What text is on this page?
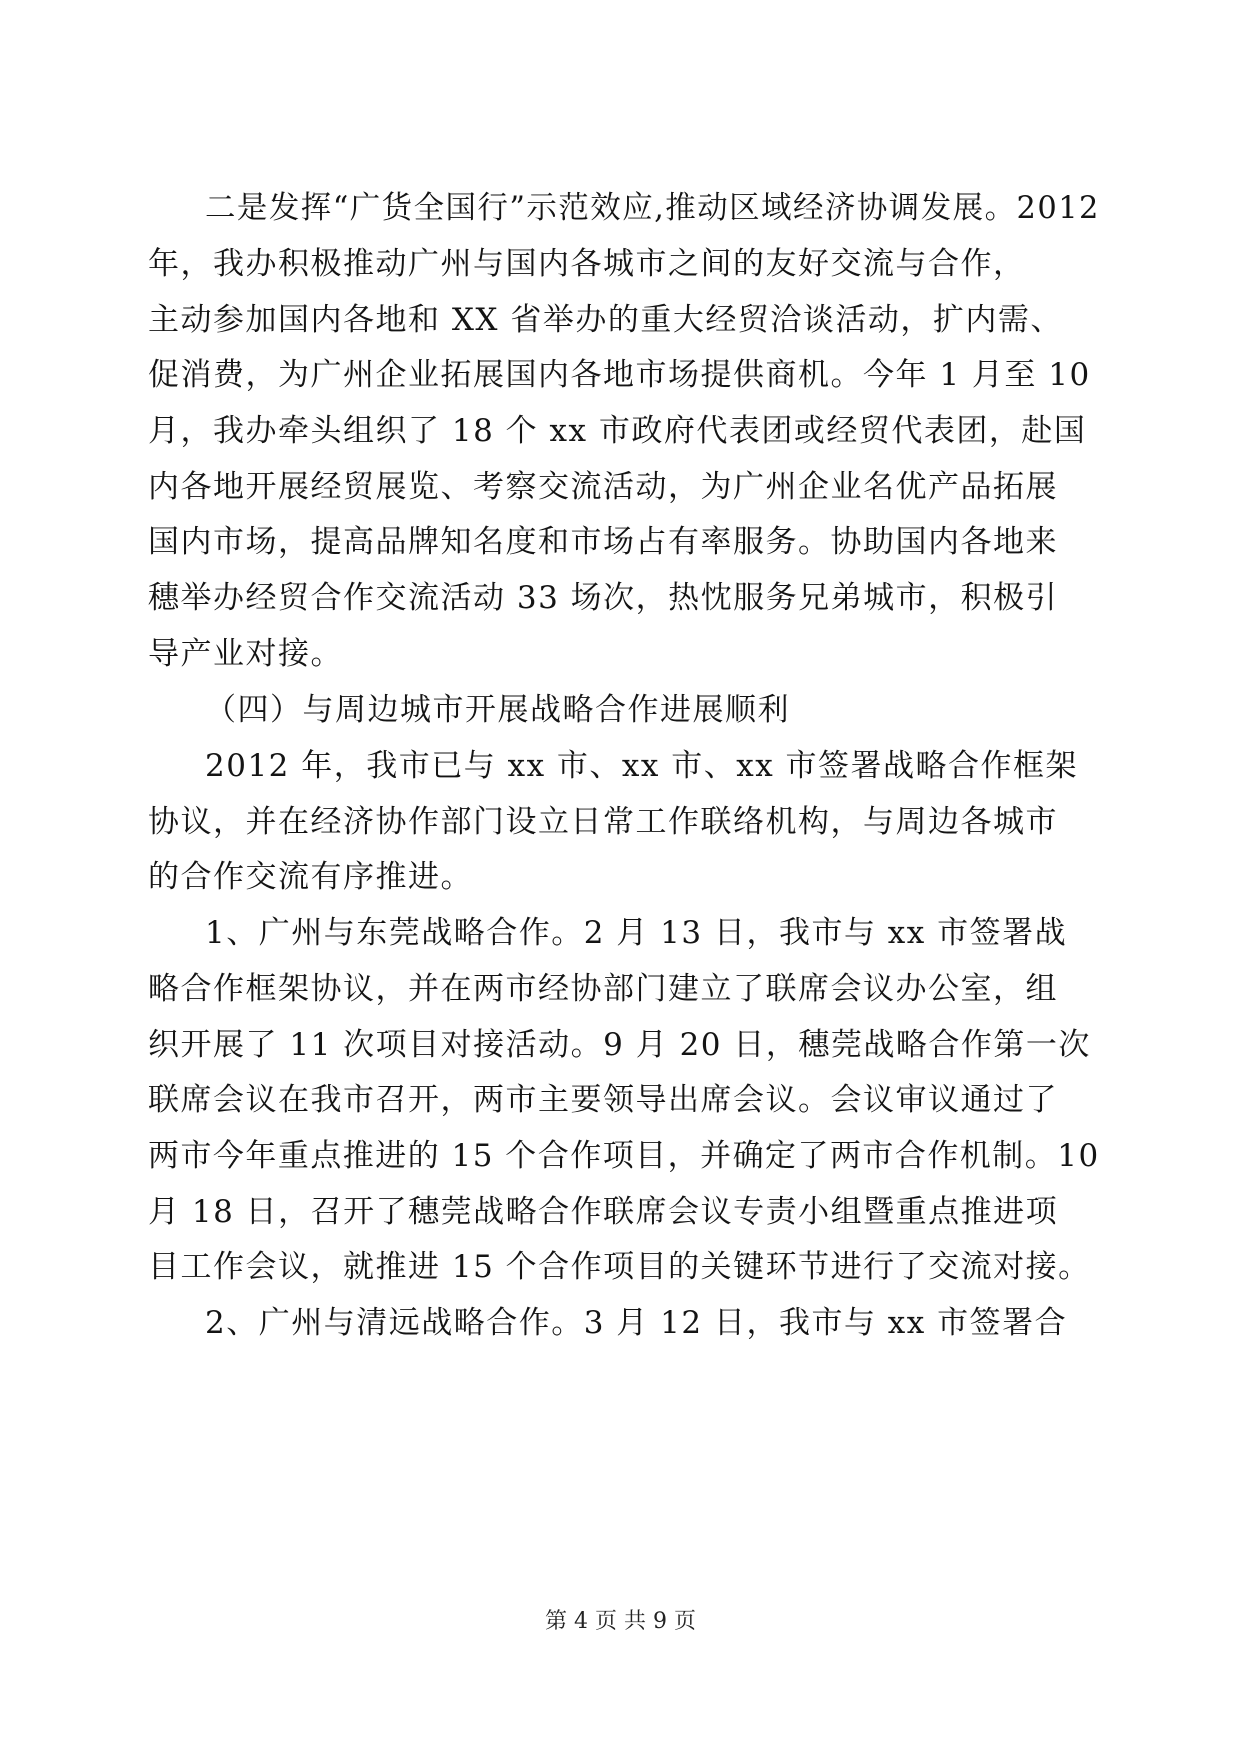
二是发挥“广货全国行”示范效应,推动区域经济协调发展。2012
年，我办积极推动广州与国内各城市之间的友好交流与合作，
主动参加国内各地和 XX 省举办的重大经贸洽谈活动，扩内需、
促消费，为广州企业拓展国内各地市场提供商机。今年 1 月至 10
月，我办牵头组织了 18 个 xx 市政府代表团或经贸代表团，赴国
内各地开展经贸展览、考察交流活动，为广州企业名优产品拓展
国内市场，提高品牌知名度和市场占有率服务。协助国内各地来
穗举办经贸合作交流活动 33 场次，热忱服务兄弟城市，积极引
导产业对接。
（四）与周边城市开展战略合作进展顺利
2012 年，我市已与 xx 市、xx 市、xx 市签署战略合作框架
协议，并在经济协作部门设立日常工作联络机构，与周边各城市
的合作交流有序推进。
1、广州与东莞战略合作。2 月 13 日，我市与 xx 市签署战
略合作框架协议，并在两市经协部门建立了联席会议办公室，组
织开展了 11 次项目对接活动。9 月 20 日，穗莞战略合作第一次
联席会议在我市召开，两市主要领导出席会议。会议审议通过了
两市今年重点推进的 15 个合作项目，并确定了两市合作机制。10
月 18 日，召开了穗莞战略合作联席会议专责小组暨重点推进项
目工作会议，就推进 15 个合作项目的关键环节进行了交流对接。
2、广州与清远战略合作。3 月 12 日，我市与 xx 市签署合
第 4 页 共 9 页
